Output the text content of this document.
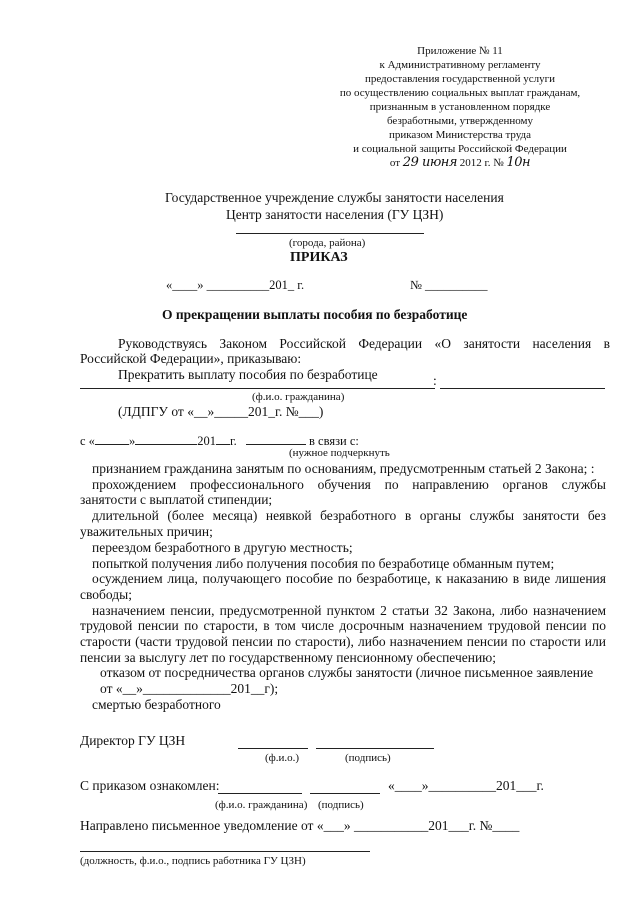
Приложение № 11
к Административному регламенту
предоставления государственной услуги
по осуществлению социальных выплат гражданам,
признанным в установленном порядке
безработными, утвержденному
приказом Министерства труда
и социальной защиты Российской Федерации
от 29 июня 2012 г. № 10н
Государственное учреждение службы занятости населения
Центр занятости населения (ГУ ЦЗН)
(города, района)
ПРИКАЗ
«____» __________201_ г.	№ __________
О прекращении выплаты пособия по безработице
Руководствуясь Законом Российской Федерации «О занятости населения в
Российской Федерации», приказываю:
Прекратить выплату пособия по безработице	:
(ф.и.о. гражданина)
(ЛДПГУ от «__»_____201_г. №___)
с «	»	201 г.	в связи с:
(нужное подчеркнуть
признанием гражданина занятым по основаниям, предусмотренным статьей 2 Закона; :
прохождением профессионального обучения по направлению органов службы
занятости с выплатой стипендии;
длительной (более месяца) неявкой безработного в органы службы занятости без
уважительных причин;
переездом безработного в другую местность;
попыткой получения либо получения пособия по безработице обманным путем;
осуждением лица, получающего пособие по безработице, к наказанию в виде лишения
свободы;
назначением пенсии, предусмотренной пунктом 2 статьи 32 Закона, либо назначением
трудовой пенсии по старости, в том числе досрочным назначением трудовой пенсии по
старости (части трудовой пенсии по старости), либо назначением пенсии по старости или
пенсии за выслугу лет по государственному пенсионному обеспечению;
отказом от посредничества органов службы занятости (личное письменное заявление
от «__»_____________201__г);
смертью безработного
Директор ГУ ЦЗН
(ф.и.о.)	(подпись)
С приказом ознакомлен:	«____»__________201___г.
(ф.и.о. гражданина) (подпись)
Направлено письменное уведомление от «___» ___________201___г. №____
(должность, ф.и.о., подпись работника ГУ ЦЗН)
